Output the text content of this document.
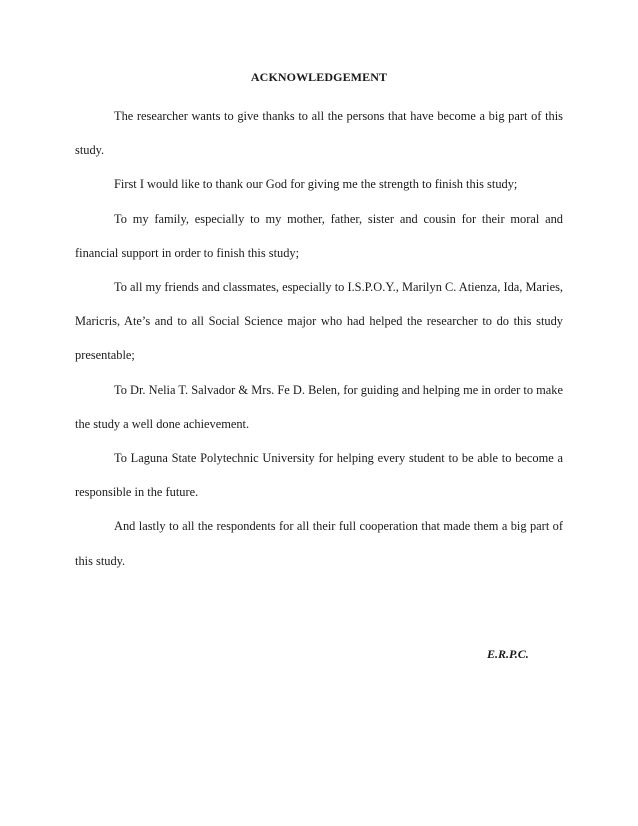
ACKNOWLEDGEMENT

The researcher wants to give thanks to all the persons that have become a big part of this study.

First I would like to thank our God for giving me the strength to finish this study;

To my family, especially to my mother, father, sister and cousin for their moral and financial support in order to finish this study;

To all my friends and classmates, especially to I.S.P.O.Y., Marilyn C. Atienza, Ida, Maries, Maricris, Ate’s and to all Social Science major who had helped the researcher to do this study presentable;

To Dr. Nelia T. Salvador & Mrs. Fe D. Belen, for guiding and helping me in order to make the study a well done achievement.

To Laguna State Polytechnic University for helping every student to be able to become a responsible in the future.

And lastly to all the respondents for all their full cooperation that made them a big part of this study.

E.R.P.C.
